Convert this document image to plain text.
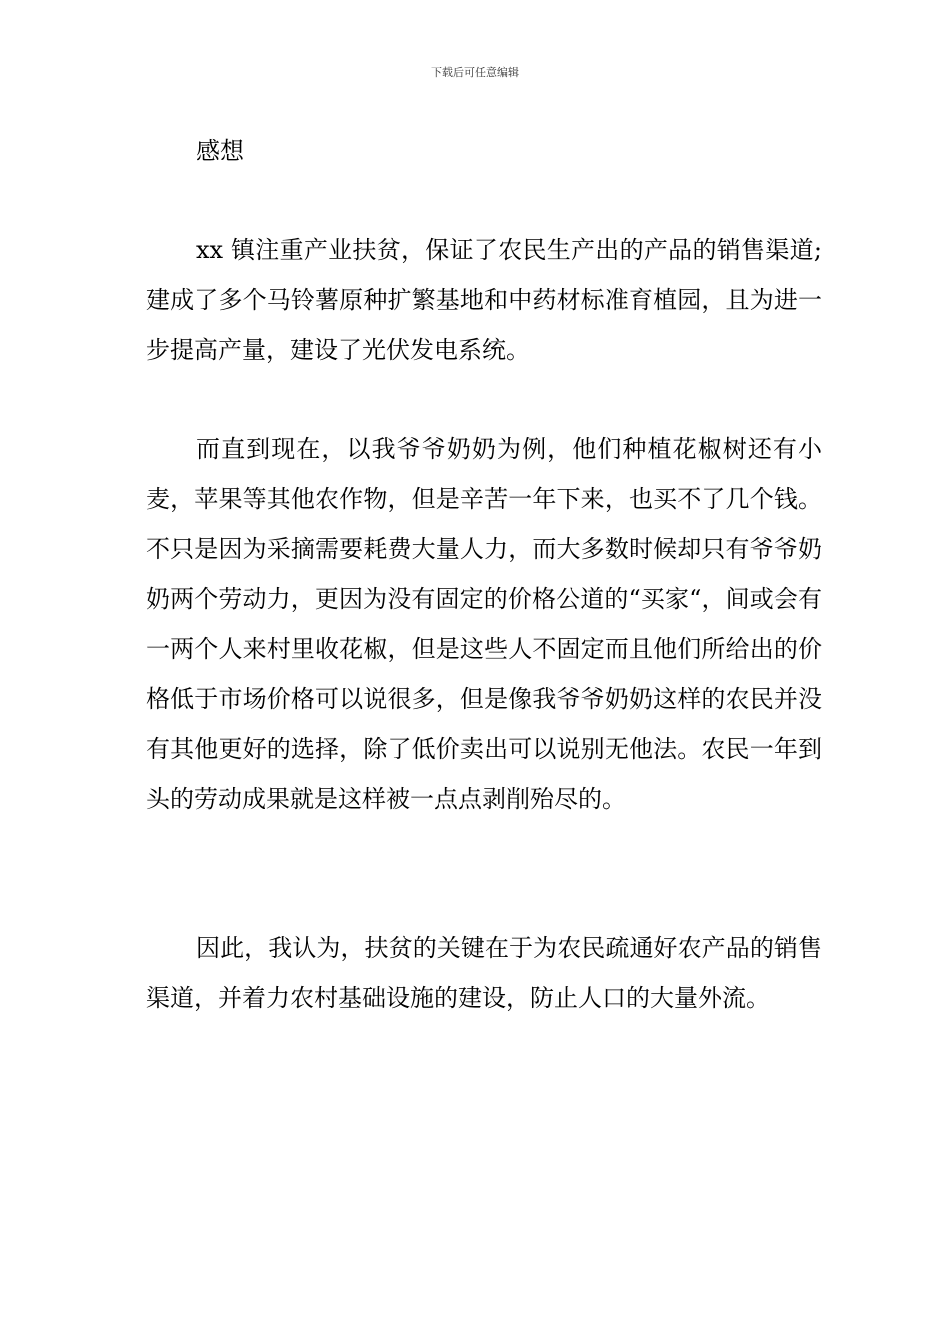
下载后可任意编辑
感想

xx 镇注重产业扶贫，保证了农民生产出的产品的销售渠道;建成了多个马铃薯原种扩繁基地和中药材标准育植园，且为进一步提高产量，建设了光伏发电系统。

而直到现在，以我爷爷奶奶为例，他们种植花椒树还有小麦，苹果等其他农作物，但是辛苦一年下来，也买不了几个钱。不只是因为采摘需要耗费大量人力，而大多数时候却只有爷爷奶奶两个劳动力，更因为没有固定的价格公道的“买家“，间或会有一两个人来村里收花椒，但是这些人不固定而且他们所给出的价格低于市场价格可以说很多，但是像我爷爷奶奶这样的农民并没有其他更好的选择，除了低价卖出可以说别无他法。农民一年到头的劳动成果就是这样被一点点剥削殆尽的。

因此，我认为，扶贫的关键在于为农民疏通好农产品的销售渠道，并着力农村基础设施的建设，防止人口的大量外流。
